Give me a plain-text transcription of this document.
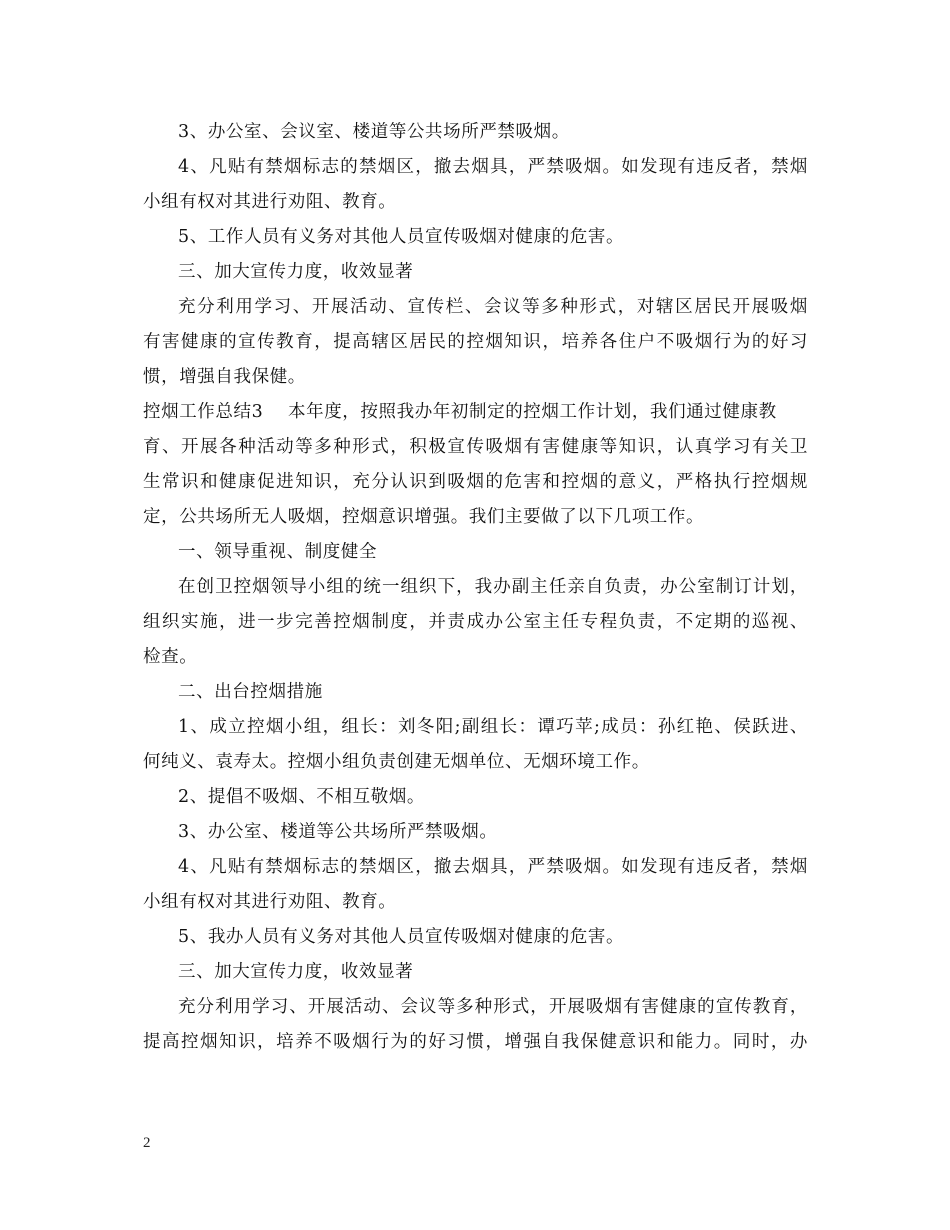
3、办公室、会议室、楼道等公共场所严禁吸烟。
4、凡贴有禁烟标志的禁烟区，撤去烟具，严禁吸烟。如发现有违反者，禁烟
小组有权对其进行劝阻、教育。
5、工作人员有义务对其他人员宣传吸烟对健康的危害。
三、加大宣传力度，收效显著
充分利用学习、开展活动、宣传栏、会议等多种形式，对辖区居民开展吸烟
有害健康的宣传教育，提高辖区居民的控烟知识，培养各住户不吸烟行为的好习
惯，增强自我保健。
控烟工作总结3 本年度，按照我办年初制定的控烟工作计划，我们通过健康教
育、开展各种活动等多种形式，积极宣传吸烟有害健康等知识，认真学习有关卫
生常识和健康促进知识，充分认识到吸烟的危害和控烟的意义，严格执行控烟规
定，公共场所无人吸烟，控烟意识增强。我们主要做了以下几项工作。
一、领导重视、制度健全
在创卫控烟领导小组的统一组织下，我办副主任亲自负责，办公室制订计划，
组织实施，进一步完善控烟制度，并责成办公室主任专程负责，不定期的巡视、
检查。
二、出台控烟措施
1、成立控烟小组，组长：刘冬阳;副组长：谭巧苹;成员：孙红艳、侯跃进、
何纯义、袁寿太。控烟小组负责创建无烟单位、无烟环境工作。
2、提倡不吸烟、不相互敬烟。
3、办公室、楼道等公共场所严禁吸烟。
4、凡贴有禁烟标志的禁烟区，撤去烟具，严禁吸烟。如发现有违反者，禁烟
小组有权对其进行劝阻、教育。
5、我办人员有义务对其他人员宣传吸烟对健康的危害。
三、加大宣传力度，收效显著
充分利用学习、开展活动、会议等多种形式，开展吸烟有害健康的宣传教育，
提高控烟知识，培养不吸烟行为的好习惯，增强自我保健意识和能力。同时，办
2
